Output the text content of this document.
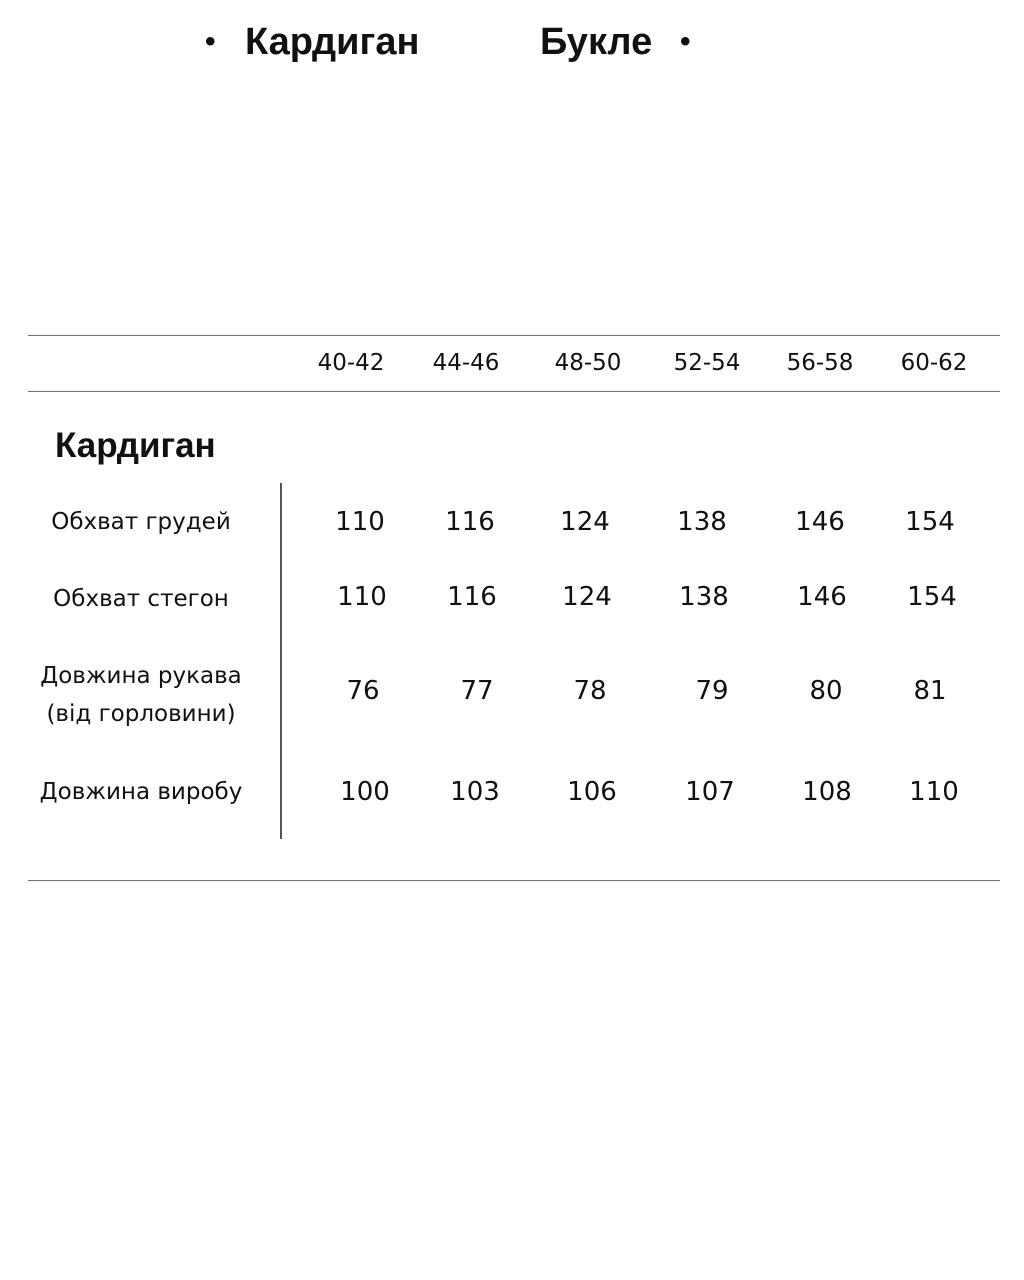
• Кардиган	Букле •
40-42	44-46	48-50	52-54	56-58	60-62
Кардиган
Обхват грудей	110	116	124	138	146	154
Обхват стегон	110	116	124	138	146	154
Довжина рукава
(від горловини)
76	77	78	79	80	81
Довжина виробу	100	103	106	107	108	110
